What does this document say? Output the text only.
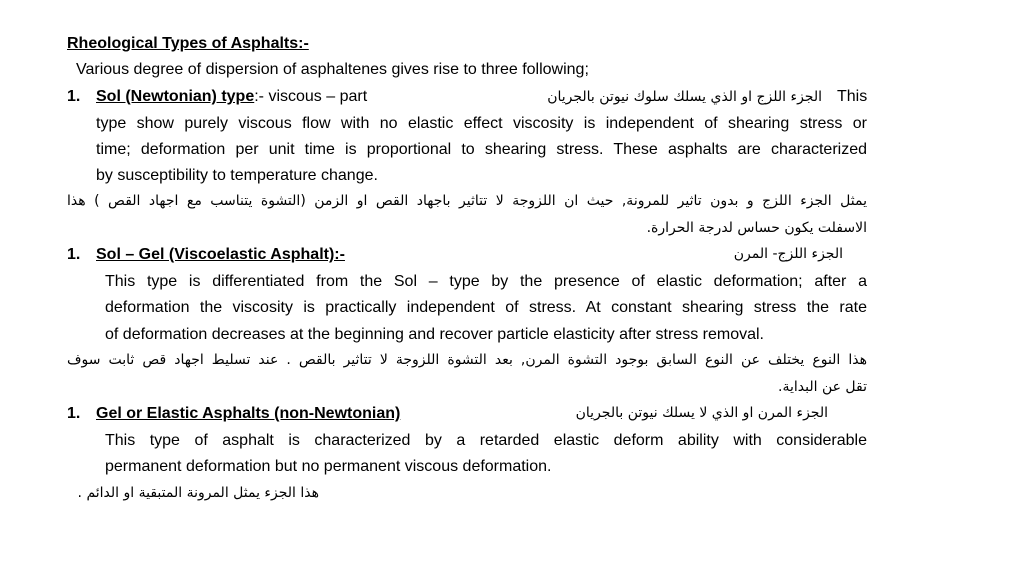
Rheological Types of Asphalts:-
Various degree of dispersion of asphaltenes gives rise to three following;
1. Sol (Newtonian) type:- viscous – part	الجزء اللزج او الذي يسلك سلوك نيوتن بالجريان This
type show purely viscous flow with no elastic effect viscosity is independent of shearing stress or
time; deformation per unit time is proportional to shearing stress. These asphalts are characterized
by susceptibility to temperature change.
يمثل الجزء اللزج و بدون تاثير للمرونة, حيث ان اللزوجة لا تتاثير باجهاد القص او الزمن (التشوة يتناسب مع اجهاد القص ) هذا
الاسفلت يكون حساس لدرجة الحرارة.
1. Sol – Gel (Viscoelastic Asphalt):-	الجزء اللزج- المرن
This type is differentiated from the Sol – type by the presence of elastic deformation; after a
deformation the viscosity is practically independent of stress. At constant shearing stress the rate
of deformation decreases at the beginning and recover particle elasticity after stress removal.
هذا النوع يختلف عن النوع السابق بوجود التشوة المرن, بعد التشوة اللزوجة لا تتاثير بالقص . عند تسليط اجهاد قص ثابت سوف
تقل عن البداية.
1. Gel or Elastic Asphalts (non-Newtonian)	الجزء المرن او الذي لا يسلك نيوتن بالجريان
This type of asphalt is characterized by a retarded elastic deform ability with considerable
permanent deformation but no permanent viscous deformation.
هذا الجزء يمثل المرونة المتبقية او الدائم .
